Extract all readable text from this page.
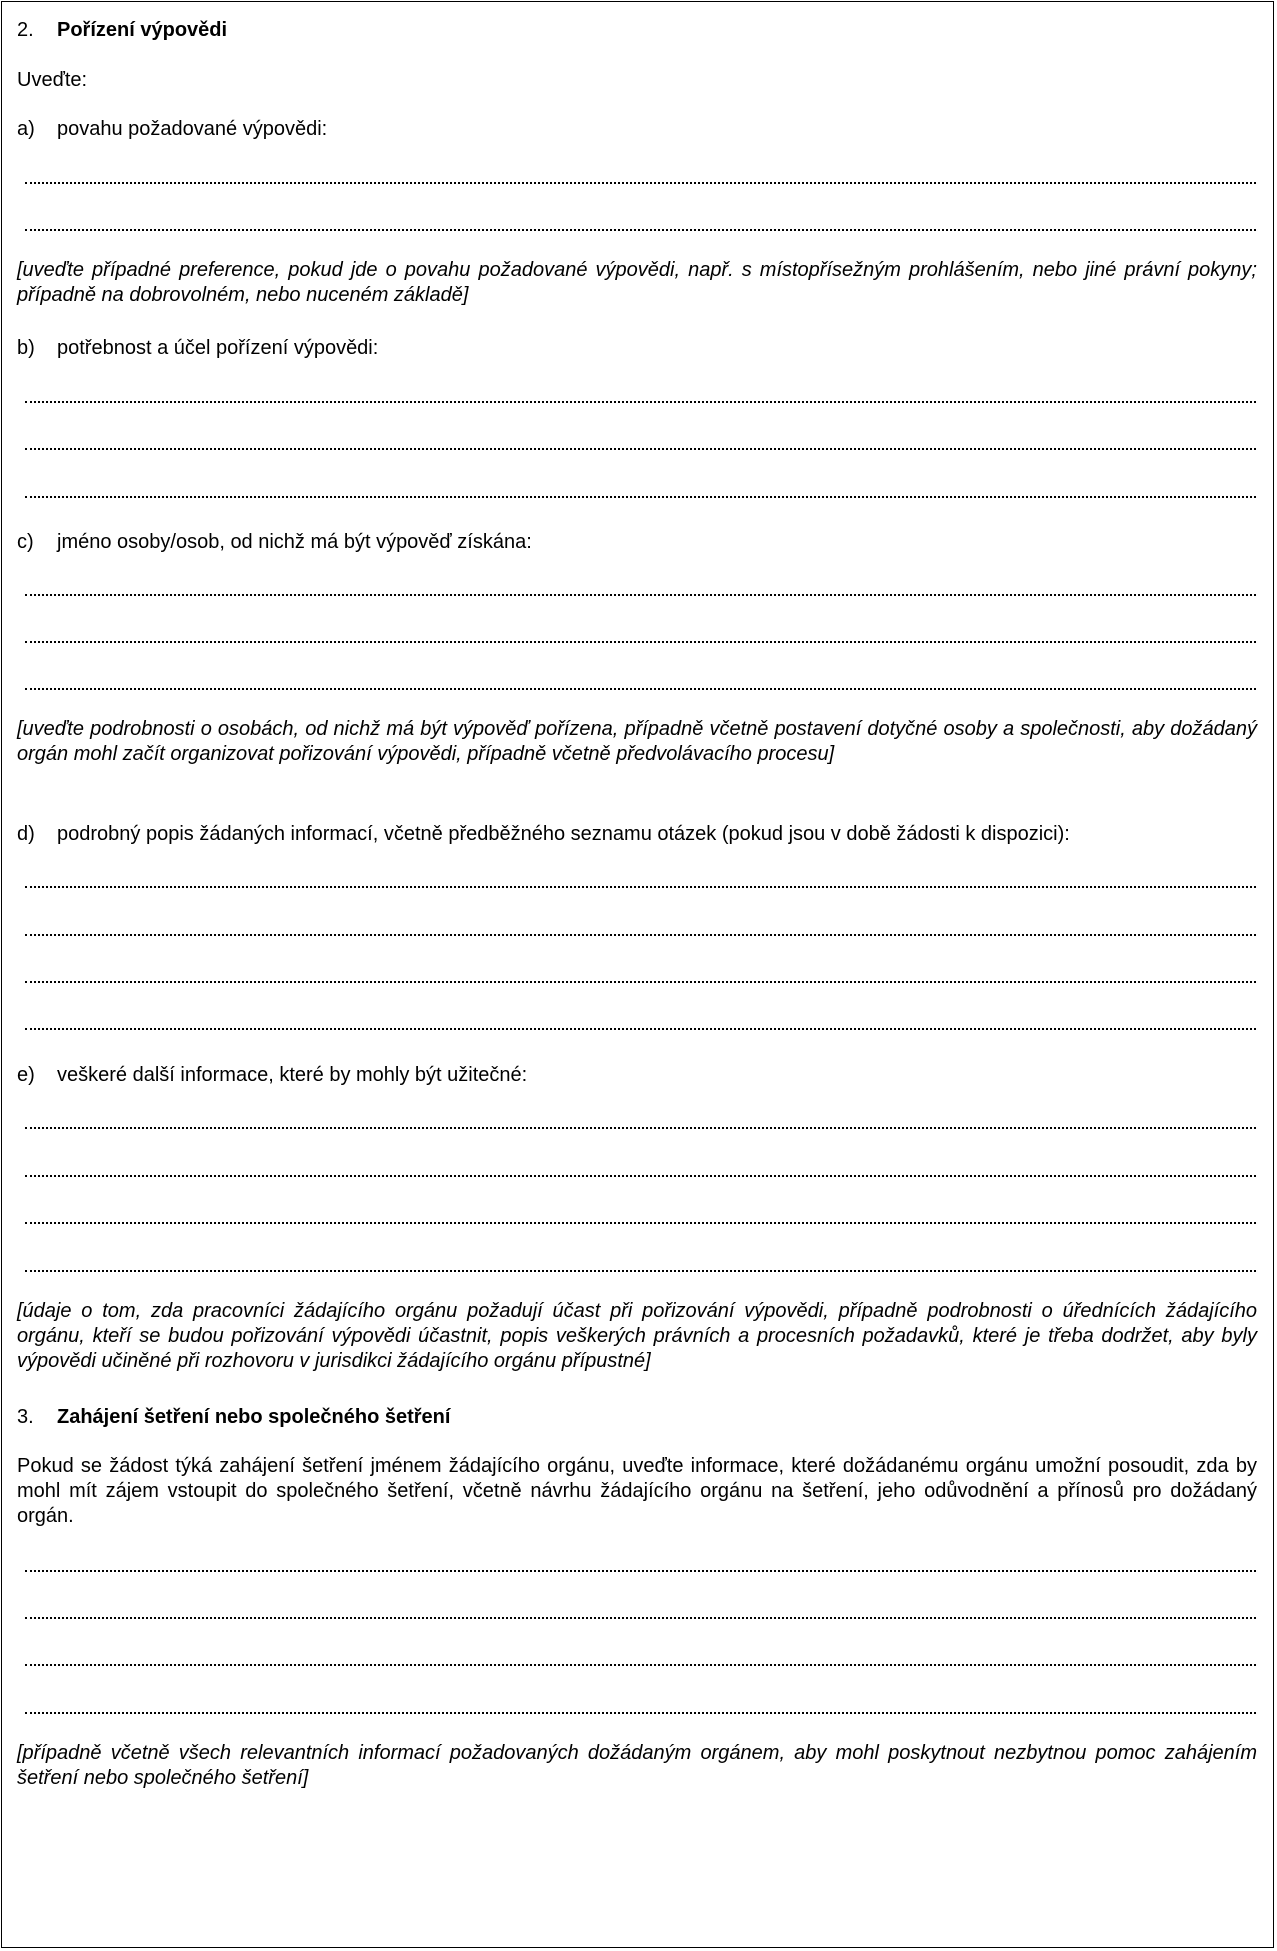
2. Pořízení výpovědi
Uveďte:
a) povahu požadované výpovědi:
[uveďte případné preference, pokud jde o povahu požadované výpovědi, např. s místopřísežným prohlášením, nebo jiné právní pokyny; případně na dobrovolném, nebo nuceném základě]
b) potřebnost a účel pořízení výpovědi:
c) jméno osoby/osob, od nichž má být výpověď získána:
[uveďte podrobnosti o osobách, od nichž má být výpověď pořízena, případně včetně postavení dotyčné osoby a společnosti, aby dožádaný orgán mohl začít organizovat pořizování výpovědi, případně včetně předvolávacího procesu]
d) podrobný popis žádaných informací, včetně předběžného seznamu otázek (pokud jsou v době žádosti k dispozici):
e) veškeré další informace, které by mohly být užitečné:
[údaje o tom, zda pracovníci žádajícího orgánu požadují účast při pořizování výpovědi, případně podrobnosti o úřednících žádajícího orgánu, kteří se budou pořizování výpovědi účastnit, popis veškerých právních a procesních požadavků, které je třeba dodržet, aby byly výpovědi učiněné při rozhovoru v jurisdikci žádajícího orgánu přípustné]
3. Zahájení šetření nebo společného šetření
Pokud se žádost týká zahájení šetření jménem žádajícího orgánu, uveďte informace, které dožádanému orgánu umožní posoudit, zda by mohl mít zájem vstoupit do společného šetření, včetně návrhu žádajícího orgánu na šetření, jeho odůvodnění a přínosů pro dožádaný orgán.
[případně včetně všech relevantních informací požadovaných dožádaným orgánem, aby mohl poskytnout nezbytnou pomoc zahájením šetření nebo společného šetření]
